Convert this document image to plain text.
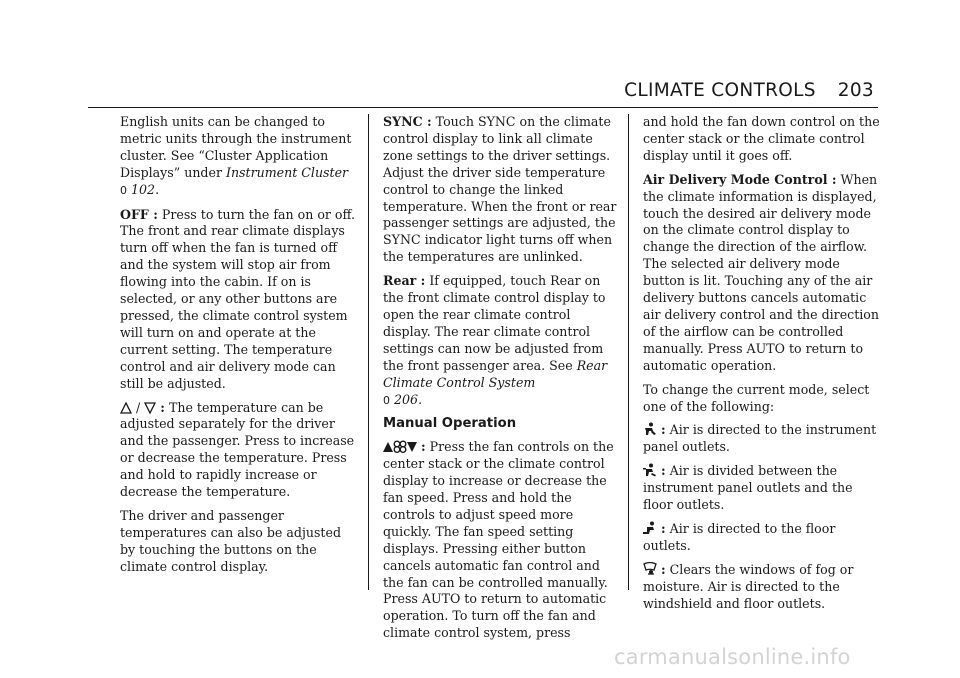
CLIMATE CONTROLS 203

English units can be changed to metric units through the instrument cluster. See “Cluster Application Displays” under Instrument Cluster
0 102.

OFF : Press to turn the fan on or off. The front and rear climate displays turn off when the fan is turned off and the system will stop air from flowing into the cabin. If on is selected, or any other buttons are pressed, the climate control system will turn on and operate at the current setting. The temperature control and air delivery mode can still be adjusted.

/ : The temperature can be adjusted separately for the driver and the passenger. Press to increase or decrease the temperature. Press and hold to rapidly increase or decrease the temperature.

The driver and passenger temperatures can also be adjusted by touching the buttons on the climate control display.

SYNC : Touch SYNC on the climate control display to link all climate zone settings to the driver settings. Adjust the driver side temperature control to change the linked temperature. When the front or rear passenger settings are adjusted, the SYNC indicator light turns off when the temperatures are unlinked.

Rear : If equipped, touch Rear on the front climate control display to open the rear climate control display. The rear climate control settings can now be adjusted from the front passenger area. See Rear Climate Control System
0 206.

Manual Operation

: Press the fan controls on the center stack or the climate control display to increase or decrease the fan speed. Press and hold the controls to adjust speed more quickly. The fan speed setting displays. Pressing either button cancels automatic fan control and the fan can be controlled manually. Press AUTO to return to automatic operation. To turn off the fan and climate control system, press

and hold the fan down control on the center stack or the climate control display until it goes off.

Air Delivery Mode Control : When the climate information is displayed, touch the desired air delivery mode on the climate control display to change the direction of the airflow. The selected air delivery mode button is lit. Touching any of the air delivery buttons cancels automatic air delivery control and the direction of the airflow can be controlled manually. Press AUTO to return to automatic operation.

To change the current mode, select one of the following:

: Air is directed to the instrument panel outlets.

: Air is divided between the instrument panel outlets and the floor outlets.

: Air is directed to the floor outlets.

: Clears the windows of fog or moisture. Air is directed to the windshield and floor outlets.

carmanualsonline.info
